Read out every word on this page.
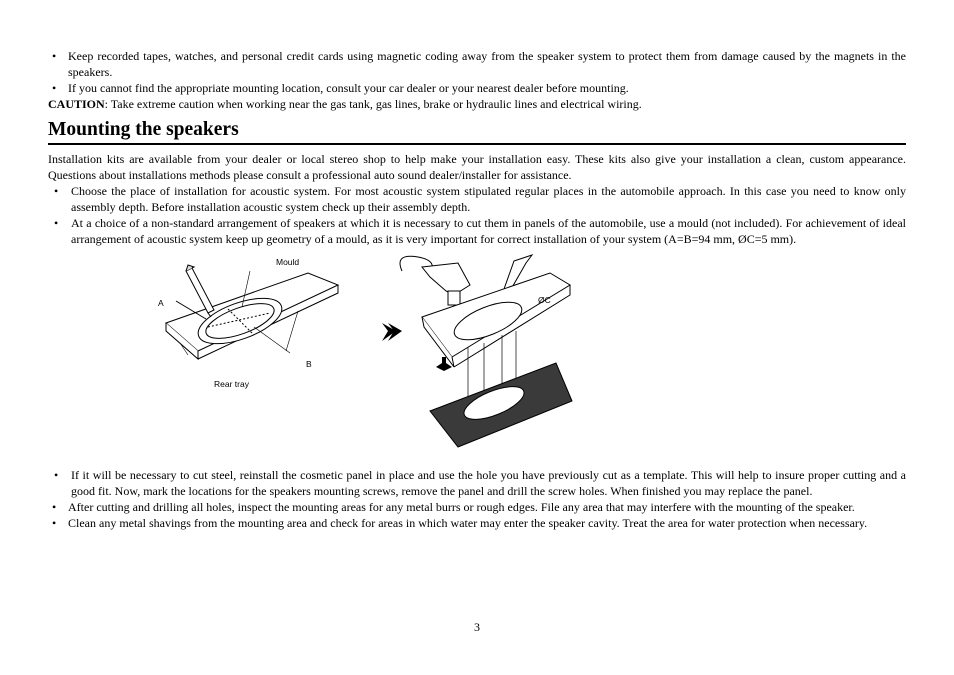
• Keep recorded tapes, watches, and personal credit cards using magnetic coding away from the speaker system to protect them from damage caused by the magnets in the speakers.
• If you cannot find the appropriate mounting location, consult your car dealer or your nearest dealer before mounting.
CAUTION: Take extreme caution when working near the gas tank, gas lines, brake or hydraulic lines and electrical wiring.
Mounting the speakers
Installation kits are available from your dealer or local stereo shop to help make your installation easy. These kits also give your installation a clean, custom appearance. Questions about installations methods please consult a professional auto sound dealer/installer for assistance.
• Choose the place of installation for acoustic system. For most acoustic system stipulated regular places in the automobile approach. In this case you need to know only assembly depth. Before installation acoustic system check up their assembly depth.
• At a choice of a non-standard arrangement of speakers at which it is necessary to cut them in panels of the automobile, use a mould (not included). For achievement of ideal arrangement of acoustic system keep up geometry of a mould, as it is very important for correct installation of your system (A=B=94 mm, ØC=5 mm).
Mould
A
B
Rear tray
ØC
• If it will be necessary to cut steel, reinstall the cosmetic panel in place and use the hole you have previously cut as a template. This will help to insure proper cutting and a good fit. Now, mark the locations for the speakers mounting screws, remove the panel and drill the screw holes. When finished you may replace the panel.
• After cutting and drilling all holes, inspect the mounting areas for any metal burrs or rough edges. File any area that may interfere with the mounting of the speaker.
• Clean any metal shavings from the mounting area and check for areas in which water may enter the speaker cavity. Treat the area for water protection when necessary.
3
